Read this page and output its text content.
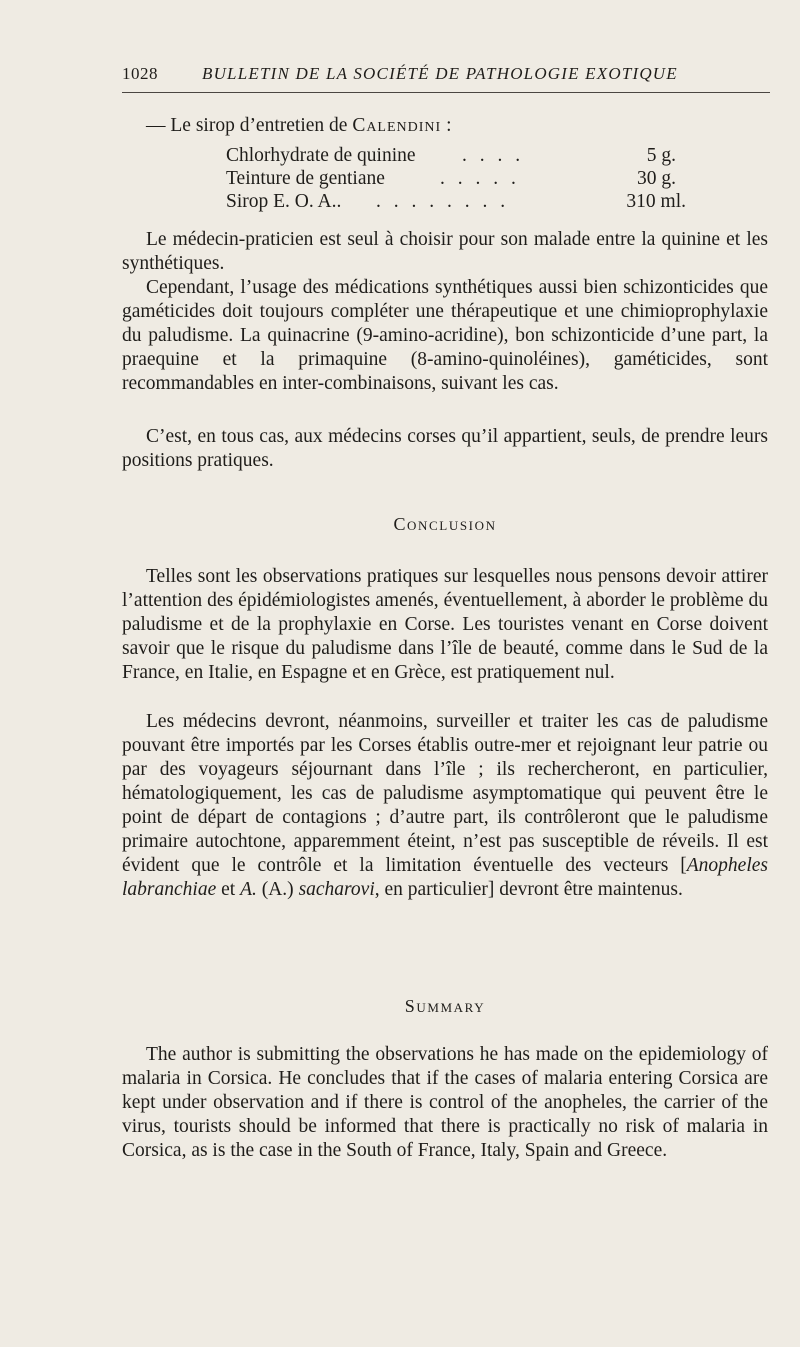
1028	BULLETIN DE LA SOCIÉTÉ DE PATHOLOGIE EXOTIQUE
— Le sirop d’entretien de Calendini :
Chlorhydrate de quinine . . . .	5 g.
Teinture de gentiane	. . . . .	30 g.
Sirop E. O. A.. . . . . . . . .	310 ml.

Le médecin-praticien est seul à choisir pour son malade entre la quinine et les synthétiques.

Cependant, l’usage des médications synthétiques aussi bien schizonticides que gaméticides doit toujours compléter une thérapeutique et une chimioprophylaxie du paludisme. La quinacrine (9-amino-acridine), bon schizonticide d’une part, la praequine et la primaquine (8-amino-quinoléines), gaméticides, sont recommandables en inter-combinaisons, suivant les cas.

C’est, en tous cas, aux médecins corses qu’il appartient, seuls, de prendre leurs positions pratiques.

Conclusion

Telles sont les observations pratiques sur lesquelles nous pensons devoir attirer l’attention des épidémiologistes amenés, éventuellement, à aborder le problème du paludisme et de la prophylaxie en Corse. Les touristes venant en Corse doivent savoir que le risque du paludisme dans l’île de beauté, comme dans le Sud de la France, en Italie, en Espagne et en Grèce, est pratiquement nul.

Les médecins devront, néanmoins, surveiller et traiter les cas de paludisme pouvant être importés par les Corses établis outre-mer et rejoignant leur patrie ou par des voyageurs séjournant dans l’île ; ils rechercheront, en particulier, hématologiquement, les cas de paludisme asymptomatique qui peuvent être le point de départ de contagions ; d’autre part, ils contrôleront que le paludisme primaire autochtone, apparemment éteint, n’est pas susceptible de réveils. Il est évident que le contrôle et la limitation éventuelle des vecteurs [Anopheles labranchiae et A. (A.) sacharovi, en particulier] devront être maintenus.

Summary

The author is submitting the observations he has made on the epidemiology of malaria in Corsica. He concludes that if the cases of malaria entering Corsica are kept under observation and if there is control of the anopheles, the carrier of the virus, tourists should be informed that there is practically no risk of malaria in Corsica, as is the case in the South of France, Italy, Spain and Greece.
